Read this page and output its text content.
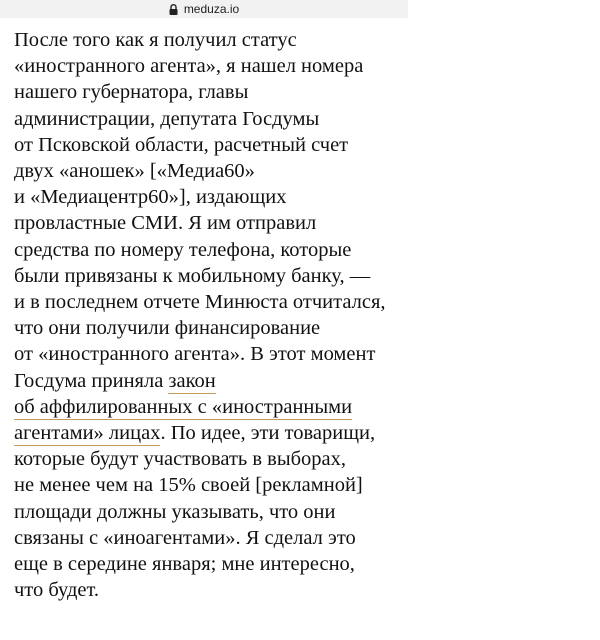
meduza.io
После того как я получил статус
«иностранного агента», я нашел номера
нашего губернатора, главы
администрации, депутата Госдумы
от Псковской области, расчетный счет
двух «аношек» [«Медиа60»
и «Медиацентр60»], издающих
провластные СМИ. Я им отправил
средства по номеру телефона, которые
были привязаны к мобильному банку, —
и в последнем отчете Минюста отчитался,
что они получили финансирование
от «иностранного агента». В этот момент
Госдума приняла закон
об аффилированных с «иностранными
агентами» лицах. По идее, эти товарищи,
которые будут участвовать в выборах,
не менее чем на 15% своей [рекламной]
площади должны указывать, что они
связаны с «иноагентами». Я сделал это
еще в середине января; мне интересно,
что будет.
